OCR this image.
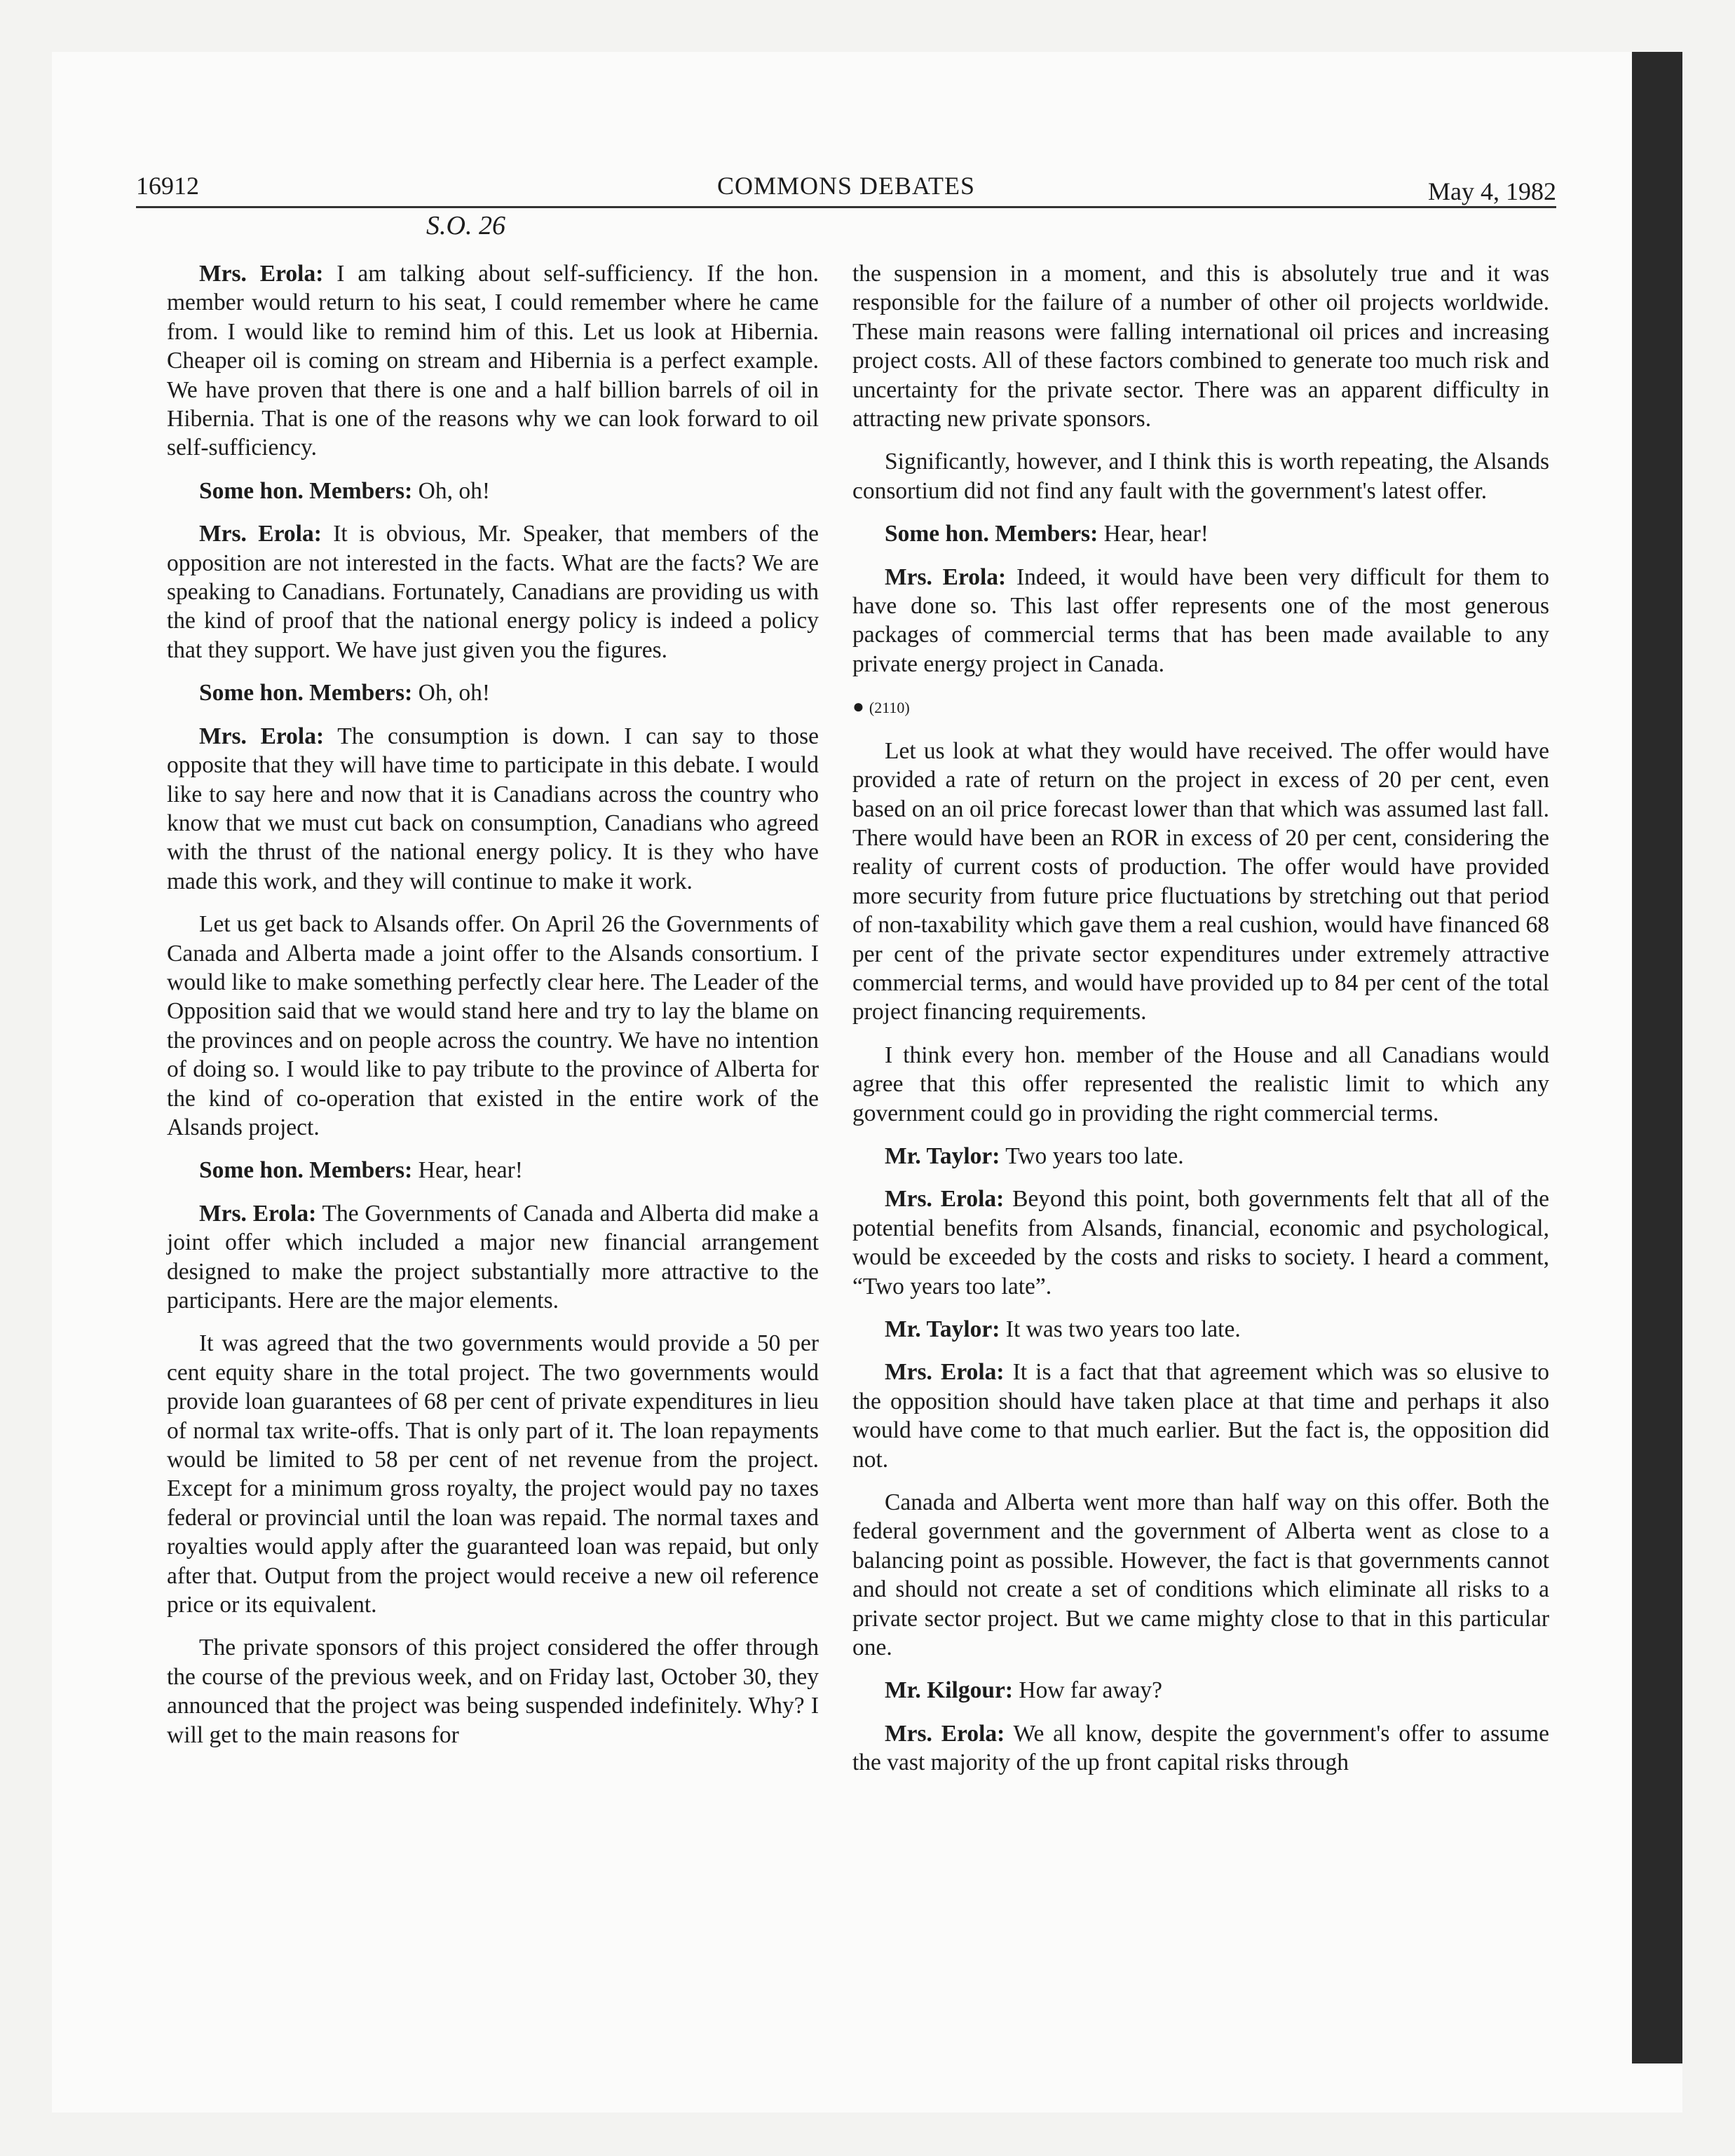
16912	COMMONS DEBATES	May 4, 1982
S.O. 26

Mrs. Erola: I am talking about self-sufficiency. If the hon. member would return to his seat, I could remember where he came from. I would like to remind him of this. Let us look at Hibernia. Cheaper oil is coming on stream and Hibernia is a perfect example. We have proven that there is one and a half billion barrels of oil in Hibernia. That is one of the reasons why we can look forward to oil self-sufficiency.

Some hon. Members: Oh, oh!

Mrs. Erola: It is obvious, Mr. Speaker, that members of the opposition are not interested in the facts. What are the facts? We are speaking to Canadians. Fortunately, Canadians are providing us with the kind of proof that the national energy policy is indeed a policy that they support. We have just given you the figures.

Some hon. Members: Oh, oh!

Mrs. Erola: The consumption is down. I can say to those opposite that they will have time to participate in this debate. I would like to say here and now that it is Canadians across the country who know that we must cut back on consumption, Canadians who agreed with the thrust of the national energy policy. It is they who have made this work, and they will continue to make it work.

Let us get back to Alsands offer. On April 26 the Governments of Canada and Alberta made a joint offer to the Alsands consortium. I would like to make something perfectly clear here. The Leader of the Opposition said that we would stand here and try to lay the blame on the provinces and on people across the country. We have no intention of doing so. I would like to pay tribute to the province of Alberta for the kind of co-operation that existed in the entire work of the Alsands project.

Some hon. Members: Hear, hear!

Mrs. Erola: The Governments of Canada and Alberta did make a joint offer which included a major new financial arrangement designed to make the project substantially more attractive to the participants. Here are the major elements.

It was agreed that the two governments would provide a 50 per cent equity share in the total project. The two governments would provide loan guarantees of 68 per cent of private expenditures in lieu of normal tax write-offs. That is only part of it. The loan repayments would be limited to 58 per cent of net revenue from the project. Except for a minimum gross royalty, the project would pay no taxes federal or provincial until the loan was repaid. The normal taxes and royalties would apply after the guaranteed loan was repaid, but only after that. Output from the project would receive a new oil reference price or its equivalent.

The private sponsors of this project considered the offer through the course of the previous week, and on Friday last, October 30, they announced that the project was being suspended indefinitely. Why? I will get to the main reasons for

the suspension in a moment, and this is absolutely true and it was responsible for the failure of a number of other oil projects worldwide. These main reasons were falling international oil prices and increasing project costs. All of these factors combined to generate too much risk and uncertainty for the private sector. There was an apparent difficulty in attracting new private sponsors.

Significantly, however, and I think this is worth repeating, the Alsands consortium did not find any fault with the government's latest offer.

Some hon. Members: Hear, hear!

Mrs. Erola: Indeed, it would have been very difficult for them to have done so. This last offer represents one of the most generous packages of commercial terms that has been made available to any private energy project in Canada.

● (2110)

Let us look at what they would have received. The offer would have provided a rate of return on the project in excess of 20 per cent, even based on an oil price forecast lower than that which was assumed last fall. There would have been an ROR in excess of 20 per cent, considering the reality of current costs of production. The offer would have provided more security from future price fluctuations by stretching out that period of non-taxability which gave them a real cushion, would have financed 68 per cent of the private sector expenditures under extremely attractive commercial terms, and would have provided up to 84 per cent of the total project financing requirements.

I think every hon. member of the House and all Canadians would agree that this offer represented the realistic limit to which any government could go in providing the right commercial terms.

Mr. Taylor: Two years too late.

Mrs. Erola: Beyond this point, both governments felt that all of the potential benefits from Alsands, financial, economic and psychological, would be exceeded by the costs and risks to society. I heard a comment, “Two years too late”.

Mr. Taylor: It was two years too late.

Mrs. Erola: It is a fact that that agreement which was so elusive to the opposition should have taken place at that time and perhaps it also would have come to that much earlier. But the fact is, the opposition did not.

Canada and Alberta went more than half way on this offer. Both the federal government and the government of Alberta went as close to a balancing point as possible. However, the fact is that governments cannot and should not create a set of conditions which eliminate all risks to a private sector project. But we came mighty close to that in this particular one.

Mr. Kilgour: How far away?

Mrs. Erola: We all know, despite the government's offer to assume the vast majority of the up front capital risks through
